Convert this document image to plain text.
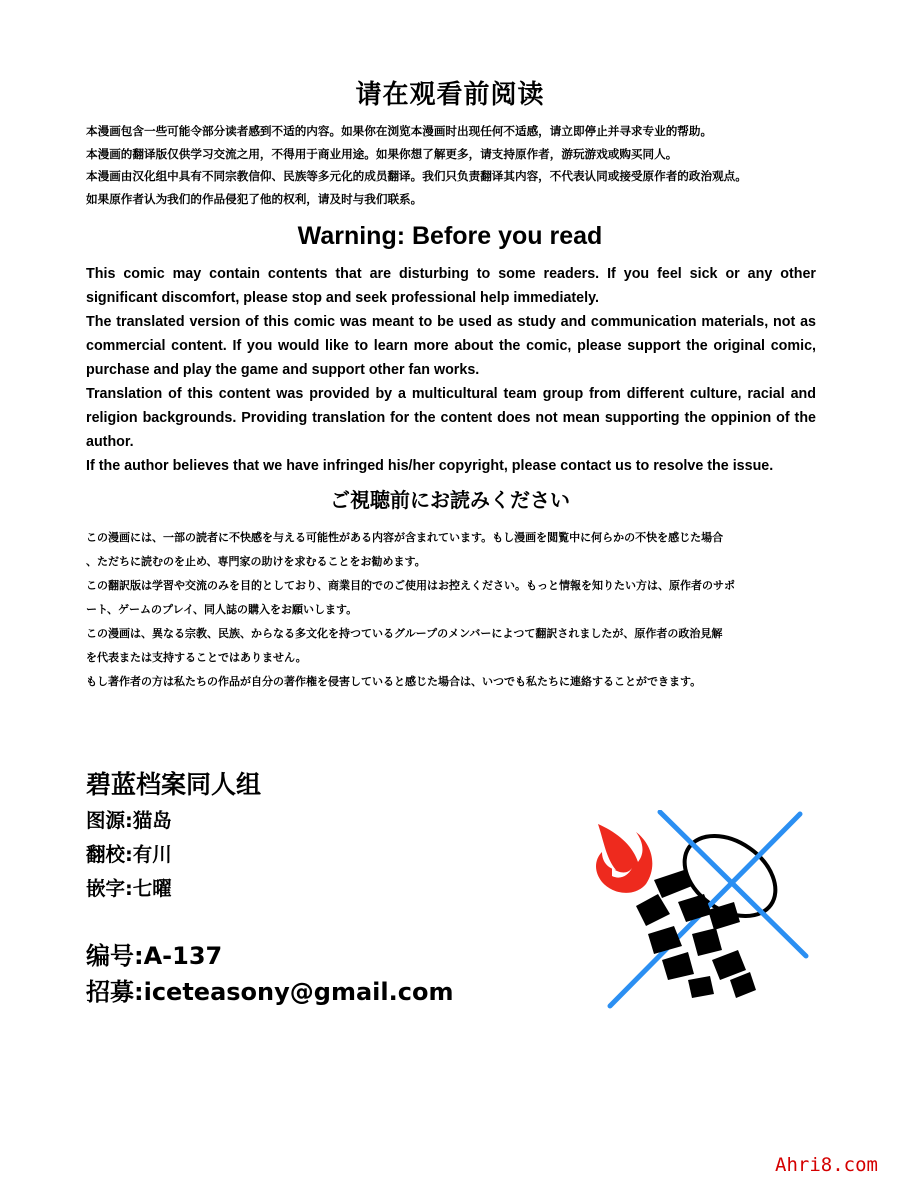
请在观看前阅读

本漫画包含一些可能令部分读者感到不适的内容。如果你在浏览本漫画时出现任何不适感，请立即停止并寻求专业的帮助。

本漫画的翻译版仅供学习交流之用，不得用于商业用途。如果你想了解更多，请支持原作者，游玩游戏或购买同人。

本漫画由汉化组中具有不同宗教信仰、民族等多元化的成员翻译。我们只负责翻译其内容，不代表认同或接受原作者的政治观点。

如果原作者认为我们的作品侵犯了他的权利，请及时与我们联系。

Warning: Before you read

This comic may contain contents that are disturbing to some readers. If you feel sick or any other significant discomfort, please stop and seek professional help immediately.

The translated version of this comic was meant to be used as study and communication materials, not as commercial content. If you would like to learn more about the comic, please support the original comic, purchase and play the game and support other fan works.

Translation of this content was provided by a multicultural team group from different culture, racial and religion backgrounds. Providing translation for the content does not mean supporting the oppinion of the author.

If the author believes that we have infringed his/her copyright, please contact us to resolve the issue.

ご視聴前にお読みください

この漫画には、一部の読者に不快感を与える可能性がある内容が含まれています。もし漫画を閲覧中に何らかの不快を感じた場合

、ただちに読むのを止め、専門家の助けを求むることをお勧めます。

この翻訳版は学習や交流のみを目的としており、商業目的でのご使用はお控えください。もっと情報を知りたい方は、原作者のサポ

ート、ゲームのプレイ、同人誌の購入をお願いします。

この漫画は、異なる宗教、民族、からなる多文化を持つているグループのメンバーによつて翻訳されましたが、原作者の政治見解

を代表または支持することではありません。

もし著作者の方は私たちの作品が自分の著作権を侵害していると感じた場合は、いつでも私たちに連絡することができます。

碧蓝档案同人组
图源:猫岛
翻校:有川
嵌字:七曜
编号:A-137
招募:iceteasony@gmail.com
Ahri8.com
